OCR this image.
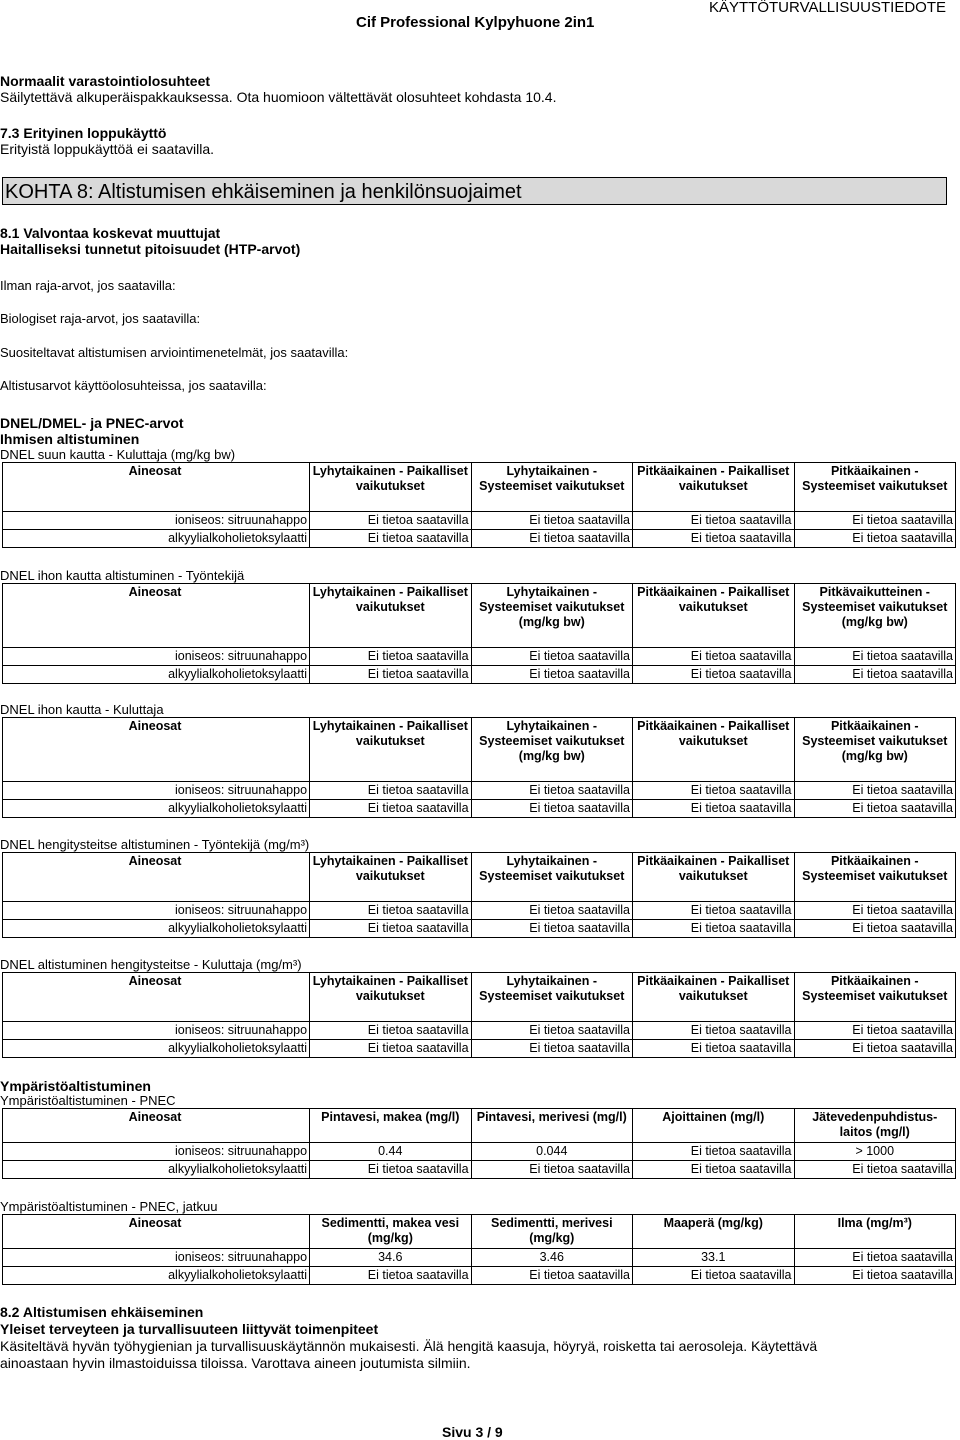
Cif Professional Kylpyhuone 2in1
KÄYTTÖTURVALLISUUSTIEDOTE
Normaalit varastointiolosuhteet
Säilytettävä alkuperäispakkauksessa. Ota huomioon vältettävät olosuhteet kohdasta 10.4.
7.3 Erityinen loppukäyttö
Erityistä loppukäyttöä ei saatavilla.
KOHTA 8: Altistumisen ehkäiseminen ja henkilönsuojaimet
8.1 Valvontaa koskevat muuttujat
Haitalliseksi tunnetut pitoisuudet (HTP-arvot)
Ilman raja-arvot, jos saatavilla:
Biologiset raja-arvot, jos saatavilla:
Suositeltavat altistumisen arviointimenetelmät, jos saatavilla:
Altistusarvot käyttöolosuhteissa, jos saatavilla:
DNEL/DMEL- ja PNEC-arvot
Ihmisen altistuminen
DNEL suun kautta - Kuluttaja (mg/kg bw)
DNEL ihon kautta altistuminen - Työntekijä
DNEL ihon kautta - Kuluttaja
DNEL hengitysteitse altistuminen - Työntekijä (mg/m³)
DNEL altistuminen hengitysteitse - Kuluttaja (mg/m³)
Ympäristöaltistuminen
Ympäristöaltistuminen - PNEC
Ympäristöaltistuminen - PNEC, jatkuu
Aineosat	Lyhytaikainen - Paikalliset vaikutukset	Lyhytaikainen - Systeemiset vaikutukset	Pitkäaikainen - Paikalliset vaikutukset	Pitkäaikainen - Systeemiset vaikutukset
ioniseos: sitruunahappo	Ei tietoa saatavilla	Ei tietoa saatavilla	Ei tietoa saatavilla	Ei tietoa saatavilla
alkyylialkoholietoksylaatti	Ei tietoa saatavilla	Ei tietoa saatavilla	Ei tietoa saatavilla	Ei tietoa saatavilla
Aineosat	Lyhytaikainen - Paikalliset vaikutukset	Lyhytaikainen - Systeemiset vaikutukset (mg/kg bw)	Pitkäaikainen - Paikalliset vaikutukset	Pitkävaikutteinen - Systeemiset vaikutukset (mg/kg bw)
ioniseos: sitruunahappo	Ei tietoa saatavilla	Ei tietoa saatavilla	Ei tietoa saatavilla	Ei tietoa saatavilla
alkyylialkoholietoksylaatti	Ei tietoa saatavilla	Ei tietoa saatavilla	Ei tietoa saatavilla	Ei tietoa saatavilla
Aineosat	Lyhytaikainen - Paikalliset vaikutukset	Lyhytaikainen - Systeemiset vaikutukset (mg/kg bw)	Pitkäaikainen - Paikalliset vaikutukset	Pitkäaikainen - Systeemiset vaikutukset (mg/kg bw)
ioniseos: sitruunahappo	Ei tietoa saatavilla	Ei tietoa saatavilla	Ei tietoa saatavilla	Ei tietoa saatavilla
alkyylialkoholietoksylaatti	Ei tietoa saatavilla	Ei tietoa saatavilla	Ei tietoa saatavilla	Ei tietoa saatavilla
Aineosat	Lyhytaikainen - Paikalliset vaikutukset	Lyhytaikainen - Systeemiset vaikutukset	Pitkäaikainen - Paikalliset vaikutukset	Pitkäaikainen - Systeemiset vaikutukset
ioniseos: sitruunahappo	Ei tietoa saatavilla	Ei tietoa saatavilla	Ei tietoa saatavilla	Ei tietoa saatavilla
alkyylialkoholietoksylaatti	Ei tietoa saatavilla	Ei tietoa saatavilla	Ei tietoa saatavilla	Ei tietoa saatavilla
Aineosat	Lyhytaikainen - Paikalliset vaikutukset	Lyhytaikainen - Systeemiset vaikutukset	Pitkäaikainen - Paikalliset vaikutukset	Pitkäaikainen - Systeemiset vaikutukset
ioniseos: sitruunahappo	Ei tietoa saatavilla	Ei tietoa saatavilla	Ei tietoa saatavilla	Ei tietoa saatavilla
alkyylialkoholietoksylaatti	Ei tietoa saatavilla	Ei tietoa saatavilla	Ei tietoa saatavilla	Ei tietoa saatavilla
Aineosat	Pintavesi, makea (mg/l)	Pintavesi, merivesi (mg/l)	Ajoittainen (mg/l)	Jätevedenpuhdistus-laitos (mg/l)
ioniseos: sitruunahappo	0.44	0.044	Ei tietoa saatavilla	> 1000
alkyylialkoholietoksylaatti	Ei tietoa saatavilla	Ei tietoa saatavilla	Ei tietoa saatavilla	Ei tietoa saatavilla
Aineosat	Sedimentti, makea vesi (mg/kg)	Sedimentti, merivesi (mg/kg)	Maaperä (mg/kg)	Ilma (mg/m³)
ioniseos: sitruunahappo	34.6	3.46	33.1	Ei tietoa saatavilla
alkyylialkoholietoksylaatti	Ei tietoa saatavilla	Ei tietoa saatavilla	Ei tietoa saatavilla	Ei tietoa saatavilla
8.2 Altistumisen ehkäiseminen
Yleiset terveyteen ja turvallisuuteen liittyvät toimenpiteet
Käsiteltävä hyvän työhygienian ja turvallisuuskäytännön mukaisesti. Älä hengitä kaasuja, höyryä, roisketta tai aerosoleja. Käytettävä
ainoastaan hyvin ilmastoiduissa tiloissa. Varottava aineen joutumista silmiin.
Sivu 3 / 9
